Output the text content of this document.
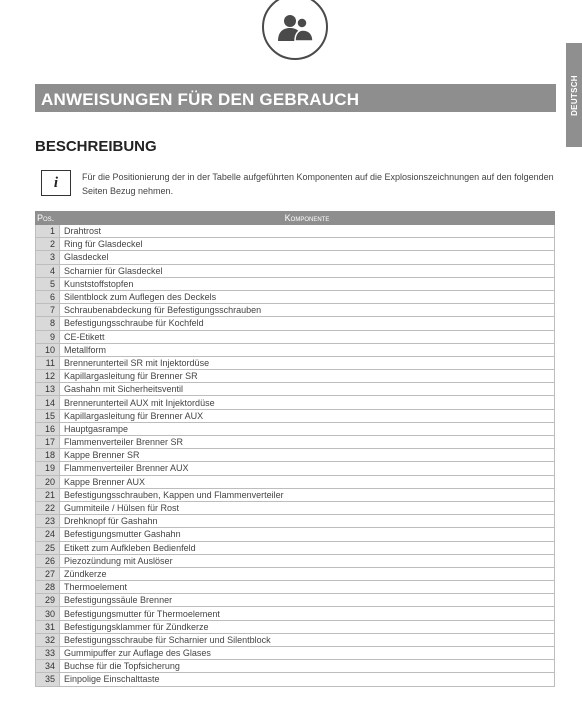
DEUTSCH
ANWEISUNGEN FÜR DEN GEBRAUCH
BESCHREIBUNG
i	Für die Positionierung der in der Tabelle aufgeführten Komponenten auf die Explosionszeichnungen auf den folgenden Seiten Bezug nehmen.
Pos.	Komponente
1	Drahtrost
2	Ring für Glasdeckel
3	Glasdeckel
4	Scharnier für Glasdeckel
5	Kunststoffstopfen
6	Silentblock zum Auflegen des Deckels
7	Schraubenabdeckung für Befestigungsschrauben
8	Befestigungsschraube für Kochfeld
9	CE-Etikett
10	Metallform
11	Brennerunterteil SR mit Injektordüse
12	Kapillargasleitung für Brenner SR
13	Gashahn mit Sicherheitsventil
14	Brennerunterteil AUX mit Injektordüse
15	Kapillargasleitung für Brenner AUX
16	Hauptgasrampe
17	Flammenverteiler Brenner SR
18	Kappe Brenner SR
19	Flammenverteiler Brenner AUX
20	Kappe Brenner AUX
21	Befestigungsschrauben, Kappen und Flammenverteiler
22	Gummiteile / Hülsen für Rost
23	Drehknopf für Gashahn
24	Befestigungsmutter Gashahn
25	Etikett zum Aufkleben Bedienfeld
26	Piezozündung mit Auslöser
27	Zündkerze
28	Thermoelement
29	Befestigungssäule Brenner
30	Befestigungsmutter für Thermoelement
31	Befestigungsklammer für Zündkerze
32	Befestigungsschraube für Scharnier und Silentblock
33	Gummipuffer zur Auflage des Glases
34	Buchse für die Topfsicherung
35	Einpolige Einschalttaste
